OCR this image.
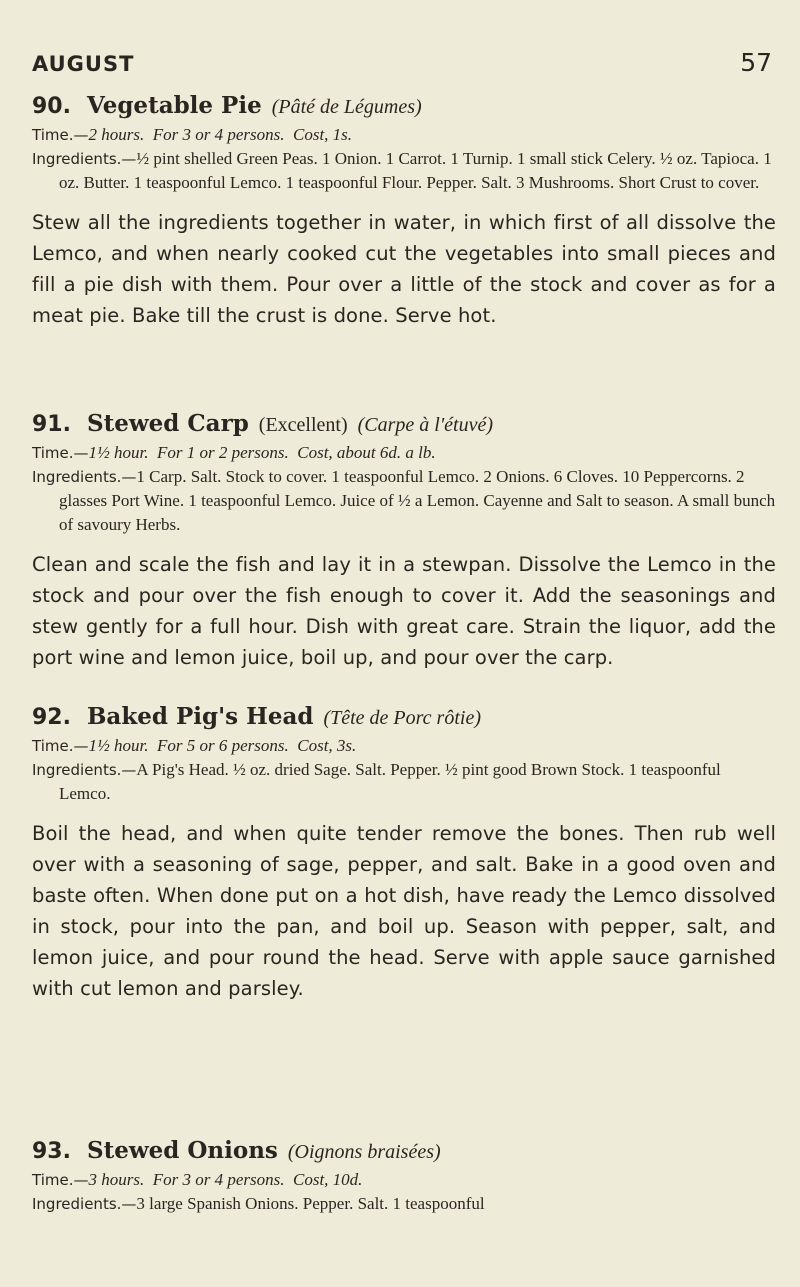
AUGUST	57
90. Vegetable Pie (Pâté de Légumes)
Time.—2 hours. For 3 or 4 persons. Cost, 1s.
Ingredients.—½ pint shelled Green Peas. 1 Onion. 1 Carrot. 1 Turnip. 1 small stick Celery. ½ oz. Tapioca. 1 oz. Butter. 1 teaspoonful Lemco. 1 teaspoonful Flour. Pepper. Salt. 3 Mushrooms. Short Crust to cover.

Stew all the ingredients together in water, in which first of all dissolve the Lemco, and when nearly cooked cut the vegetables into small pieces and fill a pie dish with them. Pour over a little of the stock and cover as for a meat pie. Bake till the crust is done. Serve hot.

91. Stewed Carp (Excellent) (Carpe à l'étuvé)
Time.—1½ hour. For 1 or 2 persons. Cost, about 6d. a lb.
Ingredients.—1 Carp. Salt. Stock to cover. 1 teaspoonful Lemco. 2 Onions. 6 Cloves. 10 Peppercorns. 2 glasses Port Wine. 1 teaspoonful Lemco. Juice of ½ a Lemon. Cayenne and Salt to season. A small bunch of savoury Herbs.

Clean and scale the fish and lay it in a stewpan. Dissolve the Lemco in the stock and pour over the fish enough to cover it. Add the seasonings and stew gently for a full hour. Dish with great care. Strain the liquor, add the port wine and lemon juice, boil up, and pour over the carp.

92. Baked Pig's Head (Tête de Porc rôtie)
Time.—1½ hour. For 5 or 6 persons. Cost, 3s.
Ingredients.—A Pig's Head. ½ oz. dried Sage. Salt. Pepper. ½ pint good Brown Stock. 1 teaspoonful Lemco.

Boil the head, and when quite tender remove the bones. Then rub well over with a seasoning of sage, pepper, and salt. Bake in a good oven and baste often. When done put on a hot dish, have ready the Lemco dissolved in stock, pour into the pan, and boil up. Season with pepper, salt, and lemon juice, and pour round the head. Serve with apple sauce garnished with cut lemon and parsley.

93. Stewed Onions (Oignons braisées)
Time.—3 hours. For 3 or 4 persons. Cost, 10d.
Ingredients.—3 large Spanish Onions. Pepper. Salt. 1 teaspoonful
